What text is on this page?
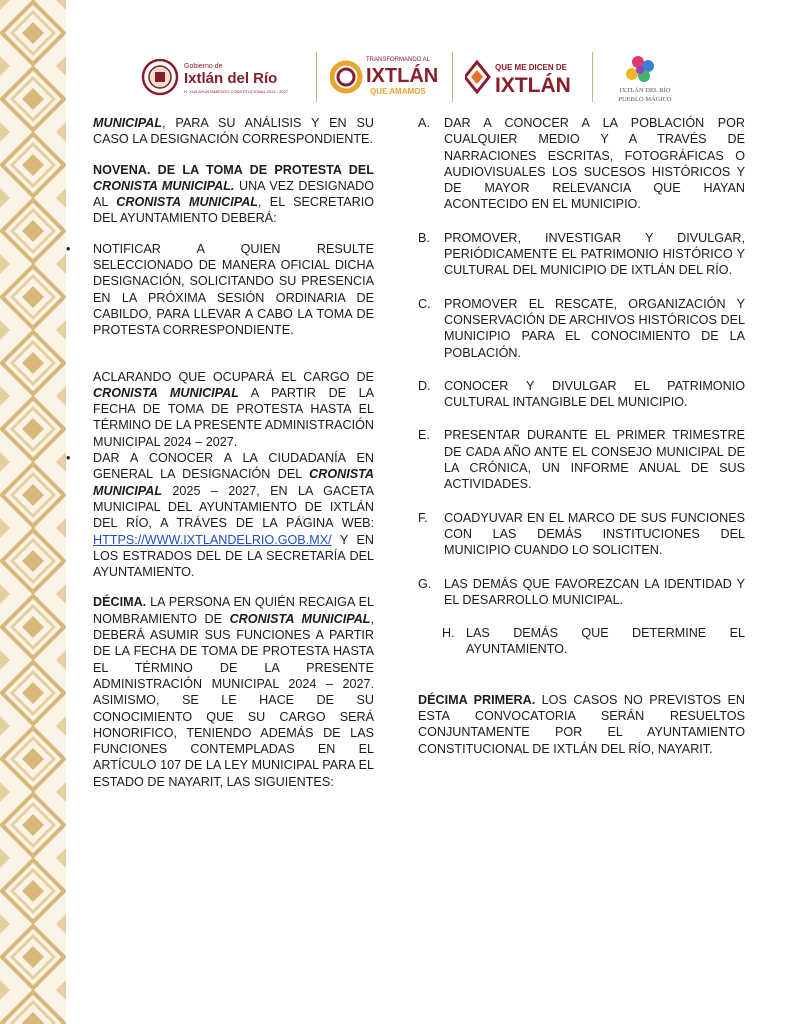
Gobierno de
Ixtlán del Río
H. XLIII AYUNTAMIENTO CONSTITUCIONAL 2024 - 2027
TRANSFORMANDO AL
IXTLÁN
QUE AMAMOS
QUE ME DICEN DE
IXTLÁN	IXTLÁN DEL RÍO
PUEBLO MÁGICO

MUNICIPAL, PARA SU ANÁLISIS Y EN SU CASO LA DESIGNACIÓN CORRESPONDIENTE.

NOVENA. DE LA TOMA DE PROTESTA DEL CRONISTA MUNICIPAL. UNA VEZ DESIGNADO AL CRONISTA MUNICIPAL, EL SECRETARIO DEL AYUNTAMIENTO DEBERÁ:

• NOTIFICAR A QUIEN RESULTE SELECCIONADO DE MANERA OFICIAL DICHA DESIGNACIÓN, SOLICITANDO SU PRESENCIA EN LA PRÓXIMA SESIÓN ORDINARIA DE CABILDO, PARA LLEVAR A CABO LA TOMA DE PROTESTA CORRESPONDIENTE.

ACLARANDO QUE OCUPARÁ EL CARGO DE CRONISTA MUNICIPAL A PARTIR DE LA FECHA DE TOMA DE PROTESTA HASTA EL TÉRMINO DE LA PRESENTE ADMINISTRACIÓN MUNICIPAL 2024 – 2027.

• DAR A CONOCER A LA CIUDADANÍA EN GENERAL LA DESIGNACIÓN DEL CRONISTA MUNICIPAL 2025 – 2027, EN LA GACETA MUNICIPAL DEL AYUNTAMIENTO DE IXTLÁN DEL RÍO, A TRÁVES DE LA PÁGINA WEB: HTTPS://WWW.IXTLANDELRIO.GOB.MX/ Y EN LOS ESTRADOS DEL DE LA SECRETARÍA DEL AYUNTAMIENTO.

DÉCIMA. LA PERSONA EN QUIÉN RECAIGA EL NOMBRAMIENTO DE CRONISTA MUNICIPAL, DEBERÁ ASUMIR SUS FUNCIONES A PARTIR DE LA FECHA DE TOMA DE PROTESTA HASTA EL TÉRMINO DE LA PRESENTE ADMINISTRACIÓN MUNICIPAL 2024 – 2027. ASIMISMO, SE LE HACE DE SU CONOCIMIENTO QUE SU CARGO SERÁ HONORIFICO, TENIENDO ADEMÁS DE LAS FUNCIONES CONTEMPLADAS EN EL ARTÍCULO 107 DE LA LEY MUNICIPAL PARA EL ESTADO DE NAYARIT, LAS SIGUIENTES:

A. DAR A CONOCER A LA POBLACIÓN POR CUALQUIER MEDIO Y A TRAVÉS DE NARRACIONES ESCRITAS, FOTOGRÁFICAS O AUDIOVISUALES LOS SUCESOS HISTÓRICOS Y DE MAYOR RELEVANCIA QUE HAYAN ACONTECIDO EN EL MUNICIPIO.

B. PROMOVER, INVESTIGAR Y DIVULGAR, PERIÓDICAMENTE EL PATRIMONIO HISTÓRICO Y CULTURAL DEL MUNICIPIO DE IXTLÁN DEL RÍO.

C. PROMOVER EL RESCATE, ORGANIZACIÓN Y CONSERVACIÓN DE ARCHIVOS HISTÓRICOS DEL MUNICIPIO PARA EL CONOCIMIENTO DE LA POBLACIÓN.

D. CONOCER Y DIVULGAR EL PATRIMONIO CULTURAL INTANGIBLE DEL MUNICIPIO.

E. PRESENTAR DURANTE EL PRIMER TRIMESTRE DE CADA AÑO ANTE EL CONSEJO MUNICIPAL DE LA CRÓNICA, UN INFORME ANUAL DE SUS ACTIVIDADES.

F. COADYUVAR EN EL MARCO DE SUS FUNCIONES CON LAS DEMÁS INSTITUCIONES DEL MUNICIPIO CUANDO LO SOLICITEN.

G. LAS DEMÁS QUE FAVOREZCAN LA IDENTIDAD Y EL DESARROLLO MUNICIPAL.

H. LAS DEMÁS QUE DETERMINE EL AYUNTAMIENTO.

DÉCIMA PRIMERA. LOS CASOS NO PREVISTOS EN ESTA CONVOCATORIA SERÁN RESUELTOS CONJUNTAMENTE POR EL AYUNTAMIENTO CONSTITUCIONAL DE IXTLÁN DEL RÍO, NAYARIT.
